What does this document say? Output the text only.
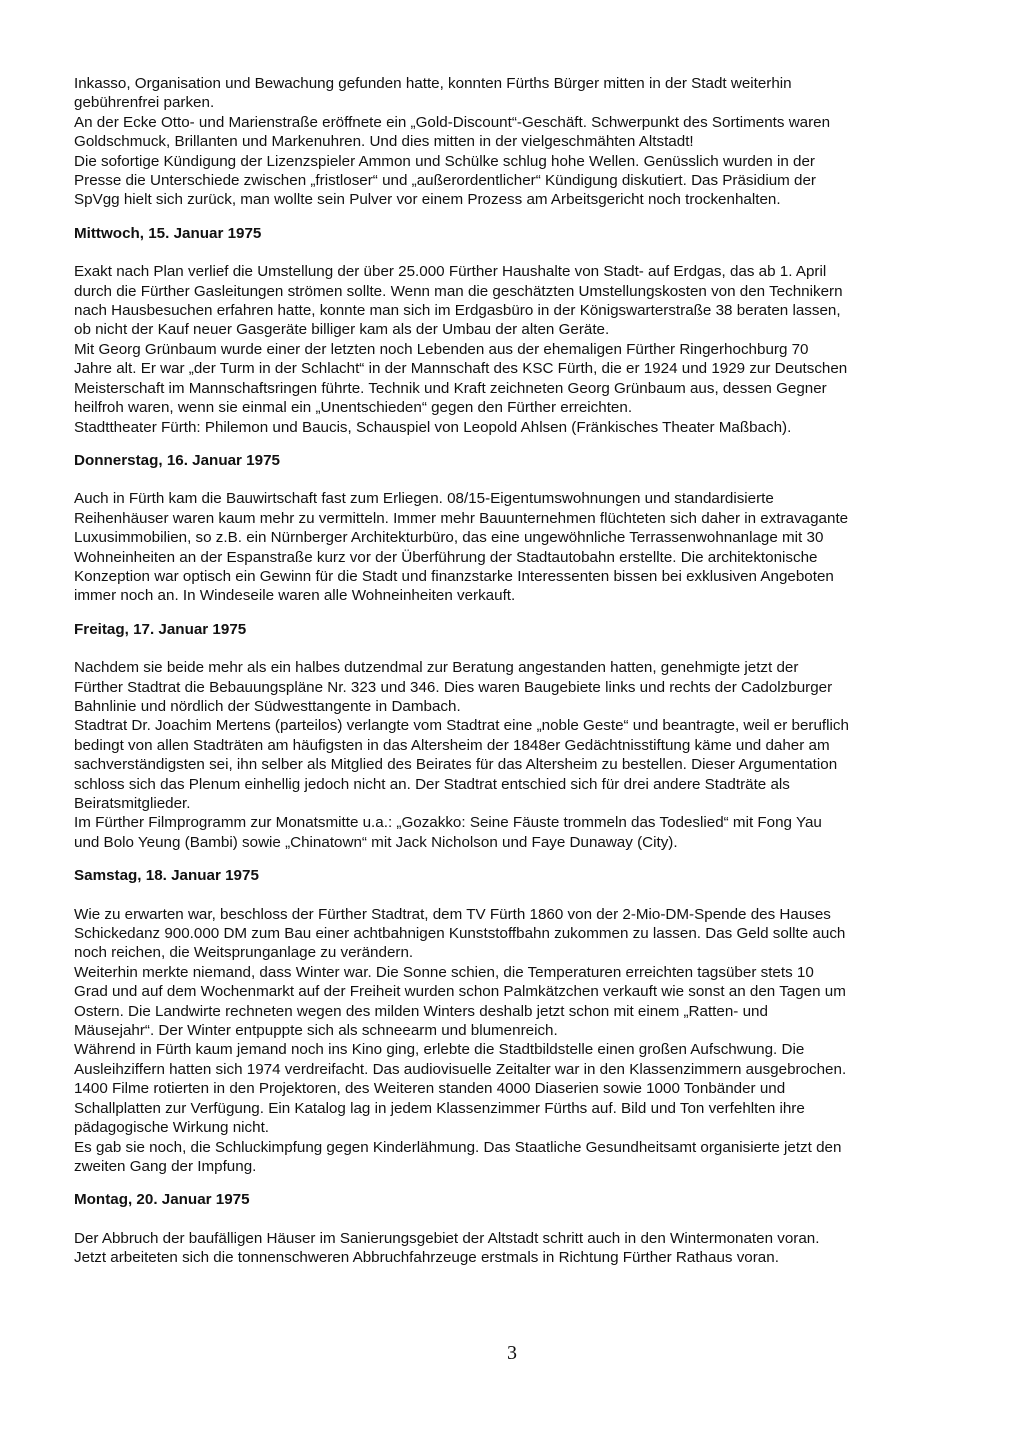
Inkasso, Organisation und Bewachung gefunden hatte, konnten Fürths Bürger mitten in der Stadt weiterhin

gebührenfrei parken.

An der Ecke Otto- und Marienstraße eröffnete ein „Gold-Discount“-Geschäft. Schwerpunkt des Sortiments waren

Goldschmuck, Brillanten und Markenuhren. Und dies mitten in der vielgeschmähten Altstadt!

Die sofortige Kündigung der Lizenzspieler Ammon und Schülke schlug hohe Wellen. Genüsslich wurden in der

Presse die Unterschiede zwischen „fristloser“ und „außerordentlicher“ Kündigung diskutiert. Das Präsidium der

SpVgg hielt sich zurück, man wollte sein Pulver vor einem Prozess am Arbeitsgericht noch trockenhalten.

Mittwoch, 15. Januar 1975

Exakt nach Plan verlief die Umstellung der über 25.000 Fürther Haushalte von Stadt- auf Erdgas, das ab 1. April

durch die Fürther Gasleitungen strömen sollte. Wenn man die geschätzten Umstellungskosten von den Technikern

nach Hausbesuchen erfahren hatte, konnte man sich im Erdgasbüro in der Königswarterstraße 38 beraten lassen,

ob nicht der Kauf neuer Gasgeräte billiger kam als der Umbau der alten Geräte.

Mit Georg Grünbaum wurde einer der letzten noch Lebenden aus der ehemaligen Fürther Ringerhochburg 70

Jahre alt. Er war „der Turm in der Schlacht“ in der Mannschaft des KSC Fürth, die er 1924 und 1929 zur Deutschen

Meisterschaft im Mannschaftsringen führte. Technik und Kraft zeichneten Georg Grünbaum aus, dessen Gegner

heilfroh waren, wenn sie einmal ein „Unentschieden“ gegen den Fürther erreichten.

Stadttheater Fürth: Philemon und Baucis, Schauspiel von Leopold Ahlsen (Fränkisches Theater Maßbach).

Donnerstag, 16. Januar 1975

Auch in Fürth kam die Bauwirtschaft fast zum Erliegen. 08/15-Eigentumswohnungen und standardisierte

Reihenhäuser waren kaum mehr zu vermitteln. Immer mehr Bauunternehmen flüchteten sich daher in extravagante

Luxusimmobilien, so z.B. ein Nürnberger Architekturbüro, das eine ungewöhnliche Terrassenwohnanlage mit 30

Wohneinheiten an der Espanstraße kurz vor der Überführung der Stadtautobahn erstellte. Die architektonische

Konzeption war optisch ein Gewinn für die Stadt und finanzstarke Interessenten bissen bei exklusiven Angeboten

immer noch an. In Windeseile waren alle Wohneinheiten verkauft.

Freitag, 17. Januar 1975

Nachdem sie beide mehr als ein halbes dutzendmal zur Beratung angestanden hatten, genehmigte jetzt der

Fürther Stadtrat die Bebauungspläne Nr. 323 und 346. Dies waren Baugebiete links und rechts der Cadolzburger

Bahnlinie und nördlich der Südwesttangente in Dambach.

Stadtrat Dr. Joachim Mertens (parteilos) verlangte vom Stadtrat eine „noble Geste“ und beantragte, weil er beruflich

bedingt von allen Stadträten am häufigsten in das Altersheim der 1848er Gedächtnisstiftung käme und daher am

sachverständigsten sei, ihn selber als Mitglied des Beirates für das Altersheim zu bestellen. Dieser Argumentation

schloss sich das Plenum einhellig jedoch nicht an. Der Stadtrat entschied sich für drei andere Stadträte als

Beiratsmitglieder.

Im Fürther Filmprogramm zur Monatsmitte u.a.: „Gozakko: Seine Fäuste trommeln das Todeslied“ mit Fong Yau

und Bolo Yeung (Bambi) sowie „Chinatown“ mit Jack Nicholson und Faye Dunaway (City).

Samstag, 18. Januar 1975

Wie zu erwarten war, beschloss der Fürther Stadtrat, dem TV Fürth 1860 von der 2-Mio-DM-Spende des Hauses

Schickedanz 900.000 DM zum Bau einer achtbahnigen Kunststoffbahn zukommen zu lassen. Das Geld sollte auch

noch reichen, die Weitsprunganlage zu verändern.

Weiterhin merkte niemand, dass Winter war. Die Sonne schien, die Temperaturen erreichten tagsüber stets 10

Grad und auf dem Wochenmarkt auf der Freiheit wurden schon Palmkätzchen verkauft wie sonst an den Tagen um

Ostern. Die Landwirte rechneten wegen des milden Winters deshalb jetzt schon mit einem „Ratten- und

Mäusejahr“. Der Winter entpuppte sich als schneearm und blumenreich.

Während in Fürth kaum jemand noch ins Kino ging, erlebte die Stadtbildstelle einen großen Aufschwung. Die

Ausleihziffern hatten sich 1974 verdreifacht. Das audiovisuelle Zeitalter war in den Klassenzimmern ausgebrochen.

1400 Filme rotierten in den Projektoren, des Weiteren standen 4000 Diaserien sowie 1000 Tonbänder und

Schallplatten zur Verfügung. Ein Katalog lag in jedem Klassenzimmer Fürths auf. Bild und Ton verfehlten ihre

pädagogische Wirkung nicht.

Es gab sie noch, die Schluckimpfung gegen Kinderlähmung. Das Staatliche Gesundheitsamt organisierte jetzt den

zweiten Gang der Impfung.

Montag, 20. Januar 1975

Der Abbruch der baufälligen Häuser im Sanierungsgebiet der Altstadt schritt auch in den Wintermonaten voran.

Jetzt arbeiteten sich die tonnenschweren Abbruchfahrzeuge erstmals in Richtung Fürther Rathaus voran.

3
